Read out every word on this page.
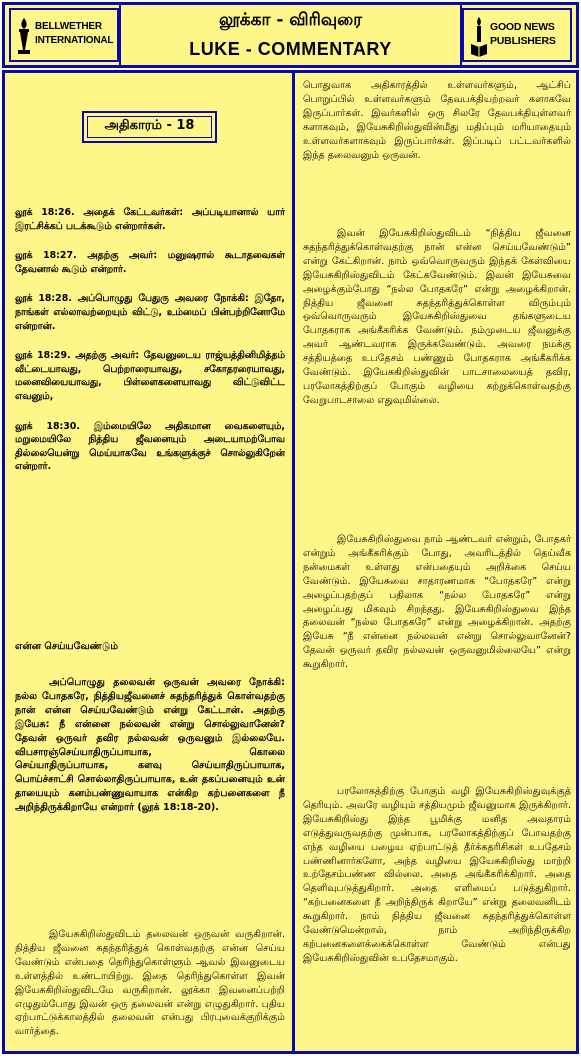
BELLWETHER INTERNATIONAL
லூக்கா - விரிவுரை
LUKE - COMMENTARY
GOOD NEWS PUBLISHERS
அதிகாரம் - 18

லூக் 18:26. அதைக் கேட்டவர்கள்: அப்படியானால் யார் இரட்சிக்கப் படக்கூடும் என்றார்கள்.

லூக் 18:27. அதற்கு அவர்: மனுஷரால் கூடாதவைகள் தேவனால் கூடும் என்றார்.

லூக் 18:28. அப்பொழுது பேதுரு அவரை நோக்கி: இதோ, நாங்கள் எல்லாவற்றையும் விட்டு, உம்மைப் பின்பற்றினோமே என்றான்.

லூக் 18:29. அதற்கு அவர்: தேவனுடைய ராஜ்யத்தினிமித்தம் வீட்டையாவது, பெற்றாரையாவது, சகோதரரையாவது, மனைவியையாவது, பிள்ளைகளையாவது விட்டுவிட்ட எவனும்,

லூக் 18:30. இம்மையிலே அதிகமான வைகளையும், மறுமையிலே நித்திய ஜீவனையும் அடையாமற்போவ தில்லையென்று மெய்யாகவே உங்களுக்குச் சொல்லுகிறேன் என்றார்.

என்ன செய்யவேண்டும்

அப்பொழுது தலைவன் ஒருவன் அவரை நோக்கி: நல்ல போதகரே, நித்தியஜீவனைச் சுதந்தரித்துக் கொள்வதற்கு நான் என்ன செய்யவேண்டும் என்று கேட்டான். அதற்கு இயேசு: நீ என்னை நல்லவன் என்று சொல்லுவானேன்? தேவன் ஒருவர் தவிர நல்லவன் ஒருவனும் இல்லையே. விபசாரஞ்செய்யாதிருப்பாயாக, கொலை செய்யாதிருப்பாயாக, களவு செய்யாதிருப்பாயாக, பொய்ச்சாட்சி சொல்லாதிருப்பாயாக, உன் தகப்பனையும் உன் தாயையும் கனம்பண்ணுவாயாக என்கிற கற்பனைகளை நீ அறிந்திருக்கிறாயே என்றார் (லூக் 18:18-20).

இயேசுகிறிஸ்துவிடம் தலைவன் ஒருவன் வருகிறான். நித்திய ஜீவனை சுதந்தரித்துக் கொள்வதற்கு என்ன செய்ய வேண்டும் என்பதை தெரிந்துகொள்ளும் ஆவல் இவனுடைய உள்ளத்தில் உண்டாயிற்று. இதை தெரிந்துகொள்ள இவன் இயேசுகிறிஸ்துவிடமே வருகிறான். லூக்கா இவனைப்பற்றி எழுதும்போது இவன் ஒரு தலைவன் என்று எழுதுகிறார். புதிய ஏற்பாட்டுக்காலத்தில் தலைவன் என்பது பிரபுவைக்குறிக்கும் வார்த்தை.

பொதுவாக அதிகாரத்தில் உள்ளவர்களும், ஆட்சிப் பொறுப்பில் உள்ளவர்களும் தேவபக்தியற்றவர் களாகவே இருப்பார்கள். இவர்களில் ஒரு சிலரே தேவபக்தியுள்ளவர் களாகவும், இயேசுகிறிஸ்துவின்மீது மதிப்பும் மரியாதையும் உள்ளவர்களாகவும் இருப்பார்கள். இப்படிப் பட்டவர்களில் இந்த தலைவனும் ஒருவன்.

இவன் இயேசுகிறிஸ்துவிடம் “நித்திய ஜீவனை சுதந்தரித்துக்கொள்வதற்கு நான் என்ன செய்யவேண்டும்” என்று கேட்கிறான். நாம் ஒவ்வொருவரும் இந்தக் கேள்வியை இயேசுகிறிஸ்துவிடம் கேட்கவேண்டும். இவன் இயேசுவை அழைக்கும்போது “நல்ல போதகரே” என்று அழைக்கிறான். நித்திய ஜீவனை சுதந்தரித்துக்கொள்ள விரும்பும் ஒவ்வொருவரும் இயேசுகிறிஸ்துவை தங்களுடைய போதகராக அங்கீகரிக்க வேண்டும். நம்முடைய ஜீவனுக்கு அவர் ஆண்டவராக இருக்கவேண்டும். அவரை நமக்கு சத்தியத்தை உபதேசம் பண்ணும் போதகராக அங்கீகரிக்க வேண்டும். இயேசுகிறிஸ்துவின் பாடசாலையைத் தவிர, பரலோகத்திற்குப் போகும் வழியை கற்றுக்கொள்வதற்கு வேறுபாடசாலை எதுவுமில்லை.

இயேசுகிறிஸ்துவை நாம் ஆண்டவர் என்றும், போதகர் என்றும் அங்கீகரிக்கும் போது, அவரிடத்தில் தெய்வீக நன்மைகள் உள்ளது என்பதையும் அறிக்கை செய்ய வேண்டும். இயேசுவை சாதாரணமாக “போதகரே” என்று அழைப்பதற்குப் பதிலாக “நல்ல போதகரே” என்று அழைப்பது மிகவும் சிறந்தது. இயேசுகிறிஸ்துவை இந்த தலைவன் “நல்ல போதகரே” என்று அழைக்கிறான். அதற்கு இயேசு “நீ என்னை நல்லவன் என்று சொல்லுவானேன்? தேவன் ஒருவர் தவிர நல்லவன் ஒருவனுமில்லையே” என்று கூறுகிறார்.

பரலோகத்திற்கு போகும் வழி இயேசுகிறிஸ்துவுக்குத் தெரியும். அவரே வழியும் சத்தியமும் ஜீவனுமாக இருக்கிறார். இயேசுகிறிஸ்து இந்த பூமிக்கு மனித அவதாரம் எடுத்துவருவதற்கு முன்பாக, பரலோகத்திற்குப் போவதற்கு எந்த வழியை பழைய ஏற்பாட்டுத் தீர்க்கதரிசிகள் உபதேசம் பண்ணினார்களோ, அந்த வழியை இயேசுகிறிஸ்து மாற்றி உற்தேசம்பண்ண வில்லை. அதை அங்கீகரிக்கிறார். அதை தெளிவுபடுத்துகிறார். அதை எளிமைப் படுத்துகிறார். “கற்பனைகளை நீ அறிந்திருக் கிறாயே” என்று தலைவனிடம் கூறுகிறார். நாம் நித்திய ஜீவனை சுதந்தரித்துக்கொள்ள வேண்டுமென்றால், நாம் அறிந்திருக்கிற கற்பனைகளைக்கைக்கொள்ள வேண்டும் என்பது இயேசுகிறிஸ்துவின் உபதேசமாகும்.
